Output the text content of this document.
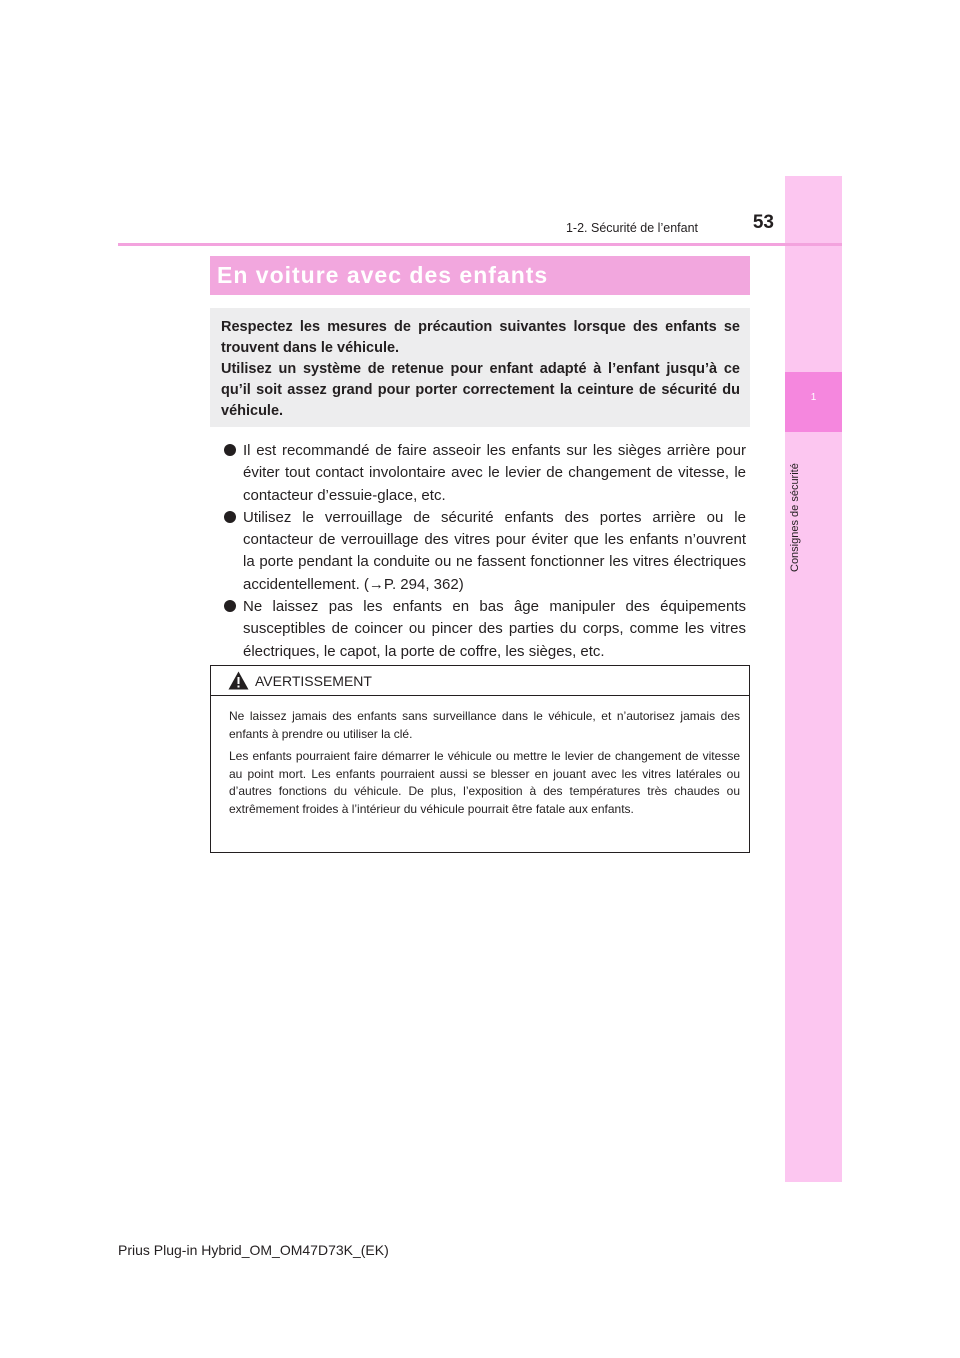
1
Consignes de sécurité
53
1-2. Sécurité de l’enfant
En voiture avec des enfants

Respectez les mesures de précaution suivantes lorsque des enfants se trouvent dans le véhicule.

Utilisez un système de retenue pour enfant adapté à l’enfant jusqu’à ce qu’il soit assez grand pour porter correctement la ceinture de sécurité du véhicule.

Il est recommandé de faire asseoir les enfants sur les sièges arrière pour éviter tout contact involontaire avec le levier de changement de vitesse, le contacteur d’essuie-glace, etc.
Utilisez le verrouillage de sécurité enfants des portes arrière ou le contacteur de verrouillage des vitres pour éviter que les enfants n’ouvrent la porte pendant la conduite ou ne fassent fonctionner les vitres électriques accidentellement. (→P. 294, 362)
Ne laissez pas les enfants en bas âge manipuler des équipements susceptibles de coincer ou pincer des parties du corps, comme les vitres électriques, le capot, la porte de coffre, les sièges, etc.
AVERTISSEMENT

Ne laissez jamais des enfants sans surveillance dans le véhicule, et n’autorisez jamais des enfants à prendre ou utiliser la clé.

Les enfants pourraient faire démarrer le véhicule ou mettre le levier de changement de vitesse au point mort. Les enfants pourraient aussi se blesser en jouant avec les vitres latérales ou d’autres fonctions du véhicule. De plus, l’exposition à des températures très chaudes ou extrêmement froides à l’intérieur du véhicule pourrait être fatale aux enfants.

Prius Plug-in Hybrid_OM_OM47D73K_(EK)
